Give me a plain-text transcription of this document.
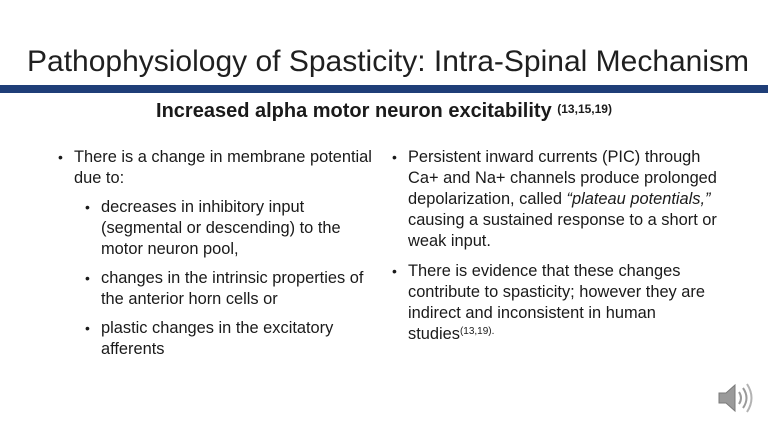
Pathophysiology of Spasticity: Intra-Spinal Mechanism
Increased alpha motor neuron excitability $^{(13,15,19)}$
• There is a change in membrane potential due to:
• decreases in inhibitory input (segmental or descending) to the motor neuron pool,
• changes in the intrinsic properties of the anterior horn cells or
• plastic changes in the excitatory afferents
• Persistent inward currents (PIC) through Ca+ and Na+ channels produce prolonged depolarization, called “plateau potentials,” causing a sustained response to a short or weak input.
• There is evidence that these changes contribute to spasticity; however they are indirect and inconsistent in human studies$^{(13,19).}$
